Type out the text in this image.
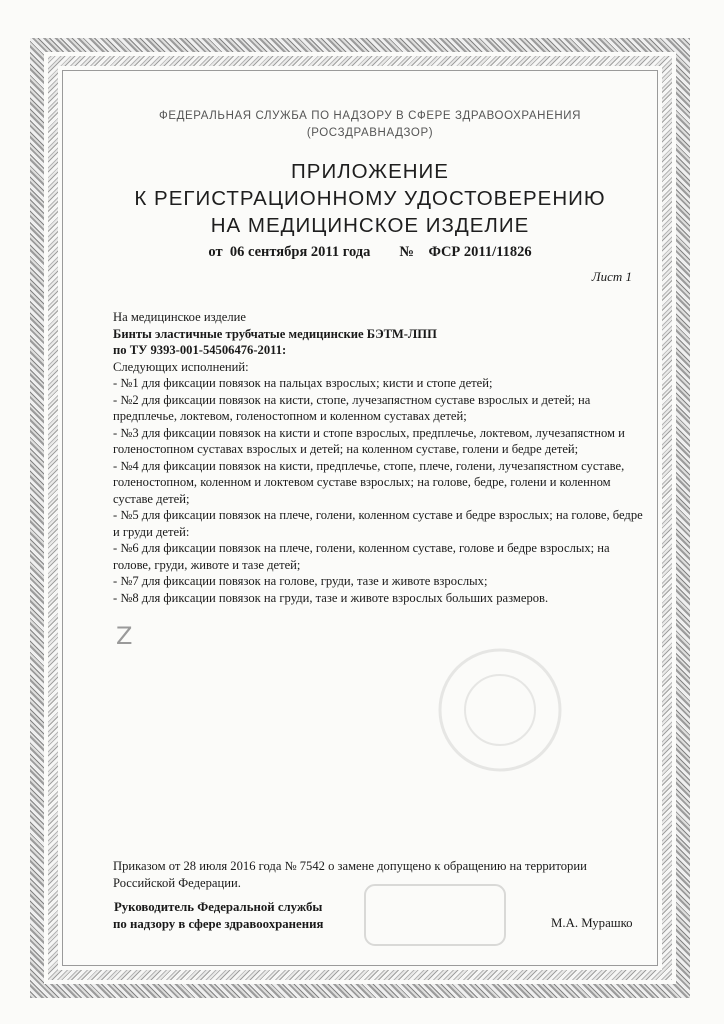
ФЕДЕРАЛЬНАЯ СЛУЖБА ПО НАДЗОРУ В СФЕРЕ ЗДРАВООХРАНЕНИЯ
(РОСЗДРАВНАДЗОР)
ПРИЛОЖЕНИЕ
К РЕГИСТРАЦИОННОМУ УДОСТОВЕРЕНИЮ
НА МЕДИЦИНСКОЕ ИЗДЕЛИЕ
от  06 сентября 2011 года № ФСР 2011/11826
Лист 1

На медицинское изделие

Бинты эластичные трубчатые медицинские БЭТМ-ЛПП

по ТУ 9393-001-54506476-2011:

Следующих исполнений:

- №1 для фиксации повязок на пальцах взрослых; кисти и стопе детей;

- №2 для фиксации повязок на кисти, стопе, лучезапястном суставе взрослых и детей; на предплечье, локтевом, голеностопном и коленном суставах детей;

- №3 для фиксации повязок на кисти и стопе взрослых, предплечье, локтевом, лучезапястном и голеностопном суставах взрослых и детей; на коленном суставе, голени и бедре детей;

- №4 для фиксации повязок на кисти, предплечье, стопе, плече, голени, лучезапястном суставе, голеностопном, коленном и локтевом суставе взрослых; на голове, бедре, голени и коленном суставе детей;

- №5 для фиксации повязок на плече, голени, коленном суставе и бедре взрослых; на голове, бедре и груди детей:

- №6 для фиксации повязок на плече, голени, коленном суставе, голове и бедре взрослых; на голове, груди, животе и тазе детей;

- №7 для фиксации повязок на голове, груди, тазе и животе взрослых;

- №8 для фиксации повязок на груди, тазе и животе взрослых больших размеров.

Z
Приказом от 28 июля 2016 года № 7542 о замене допущено к обращению на территории Российской Федерации.
Руководитель Федеральной службы
по надзору в сфере здравоохранения	М.А. Мурашко
